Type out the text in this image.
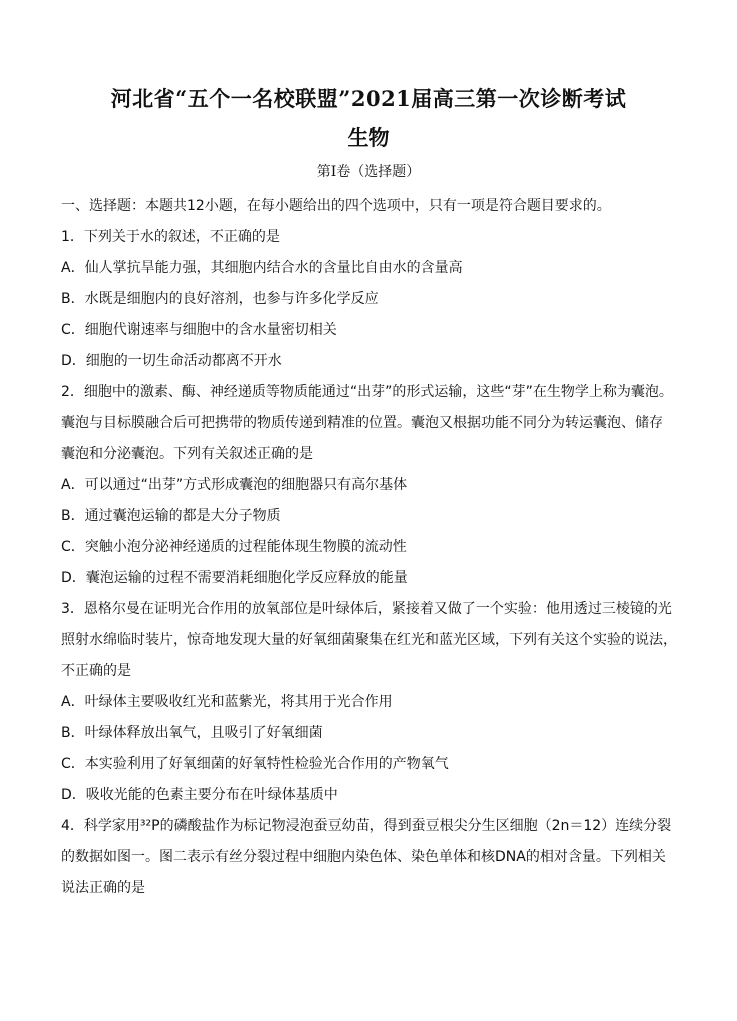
河北省“五个一名校联盟”2021届高三第一次诊断考试
生物
第Ⅰ卷（选择题）
一、选择题：本题共12小题，在每小题给出的四个选项中，只有一项是符合题目要求的。
1．下列关于水的叙述，不正确的是
A．仙人掌抗旱能力强，其细胞内结合水的含量比自由水的含量高
B．水既是细胞内的良好溶剂，也参与许多化学反应
C．细胞代谢速率与细胞中的含水量密切相关
D．细胞的一切生命活动都离不开水
2．细胞中的激素、酶、神经递质等物质能通过“出芽”的形式运输，这些“芽”在生物学上称为囊泡。
囊泡与目标膜融合后可把携带的物质传递到精准的位置。囊泡又根据功能不同分为转运囊泡、储存
囊泡和分泌囊泡。下列有关叙述正确的是
A．可以通过“出芽”方式形成囊泡的细胞器只有高尔基体
B．通过囊泡运输的都是大分子物质
C．突触小泡分泌神经递质的过程能体现生物膜的流动性
D．囊泡运输的过程不需要消耗细胞化学反应释放的能量
3．恩格尔曼在证明光合作用的放氧部位是叶绿体后，紧接着又做了一个实验：他用透过三棱镜的光
照射水绵临时装片，惊奇地发现大量的好氧细菌聚集在红光和蓝光区域，下列有关这个实验的说法，
不正确的是
A．叶绿体主要吸收红光和蓝紫光，将其用于光合作用
B．叶绿体释放出氧气，且吸引了好氧细菌
C．本实验利用了好氧细菌的好氧特性检验光合作用的产物氧气
D．吸收光能的色素主要分布在叶绿体基质中
4．科学家用³²P的磷酸盐作为标记物浸泡蚕豆幼苗，得到蚕豆根尖分生区细胞（2n＝12）连续分裂
的数据如图一。图二表示有丝分裂过程中细胞内染色体、染色单体和核DNA的相对含量。下列相关
说法正确的是
